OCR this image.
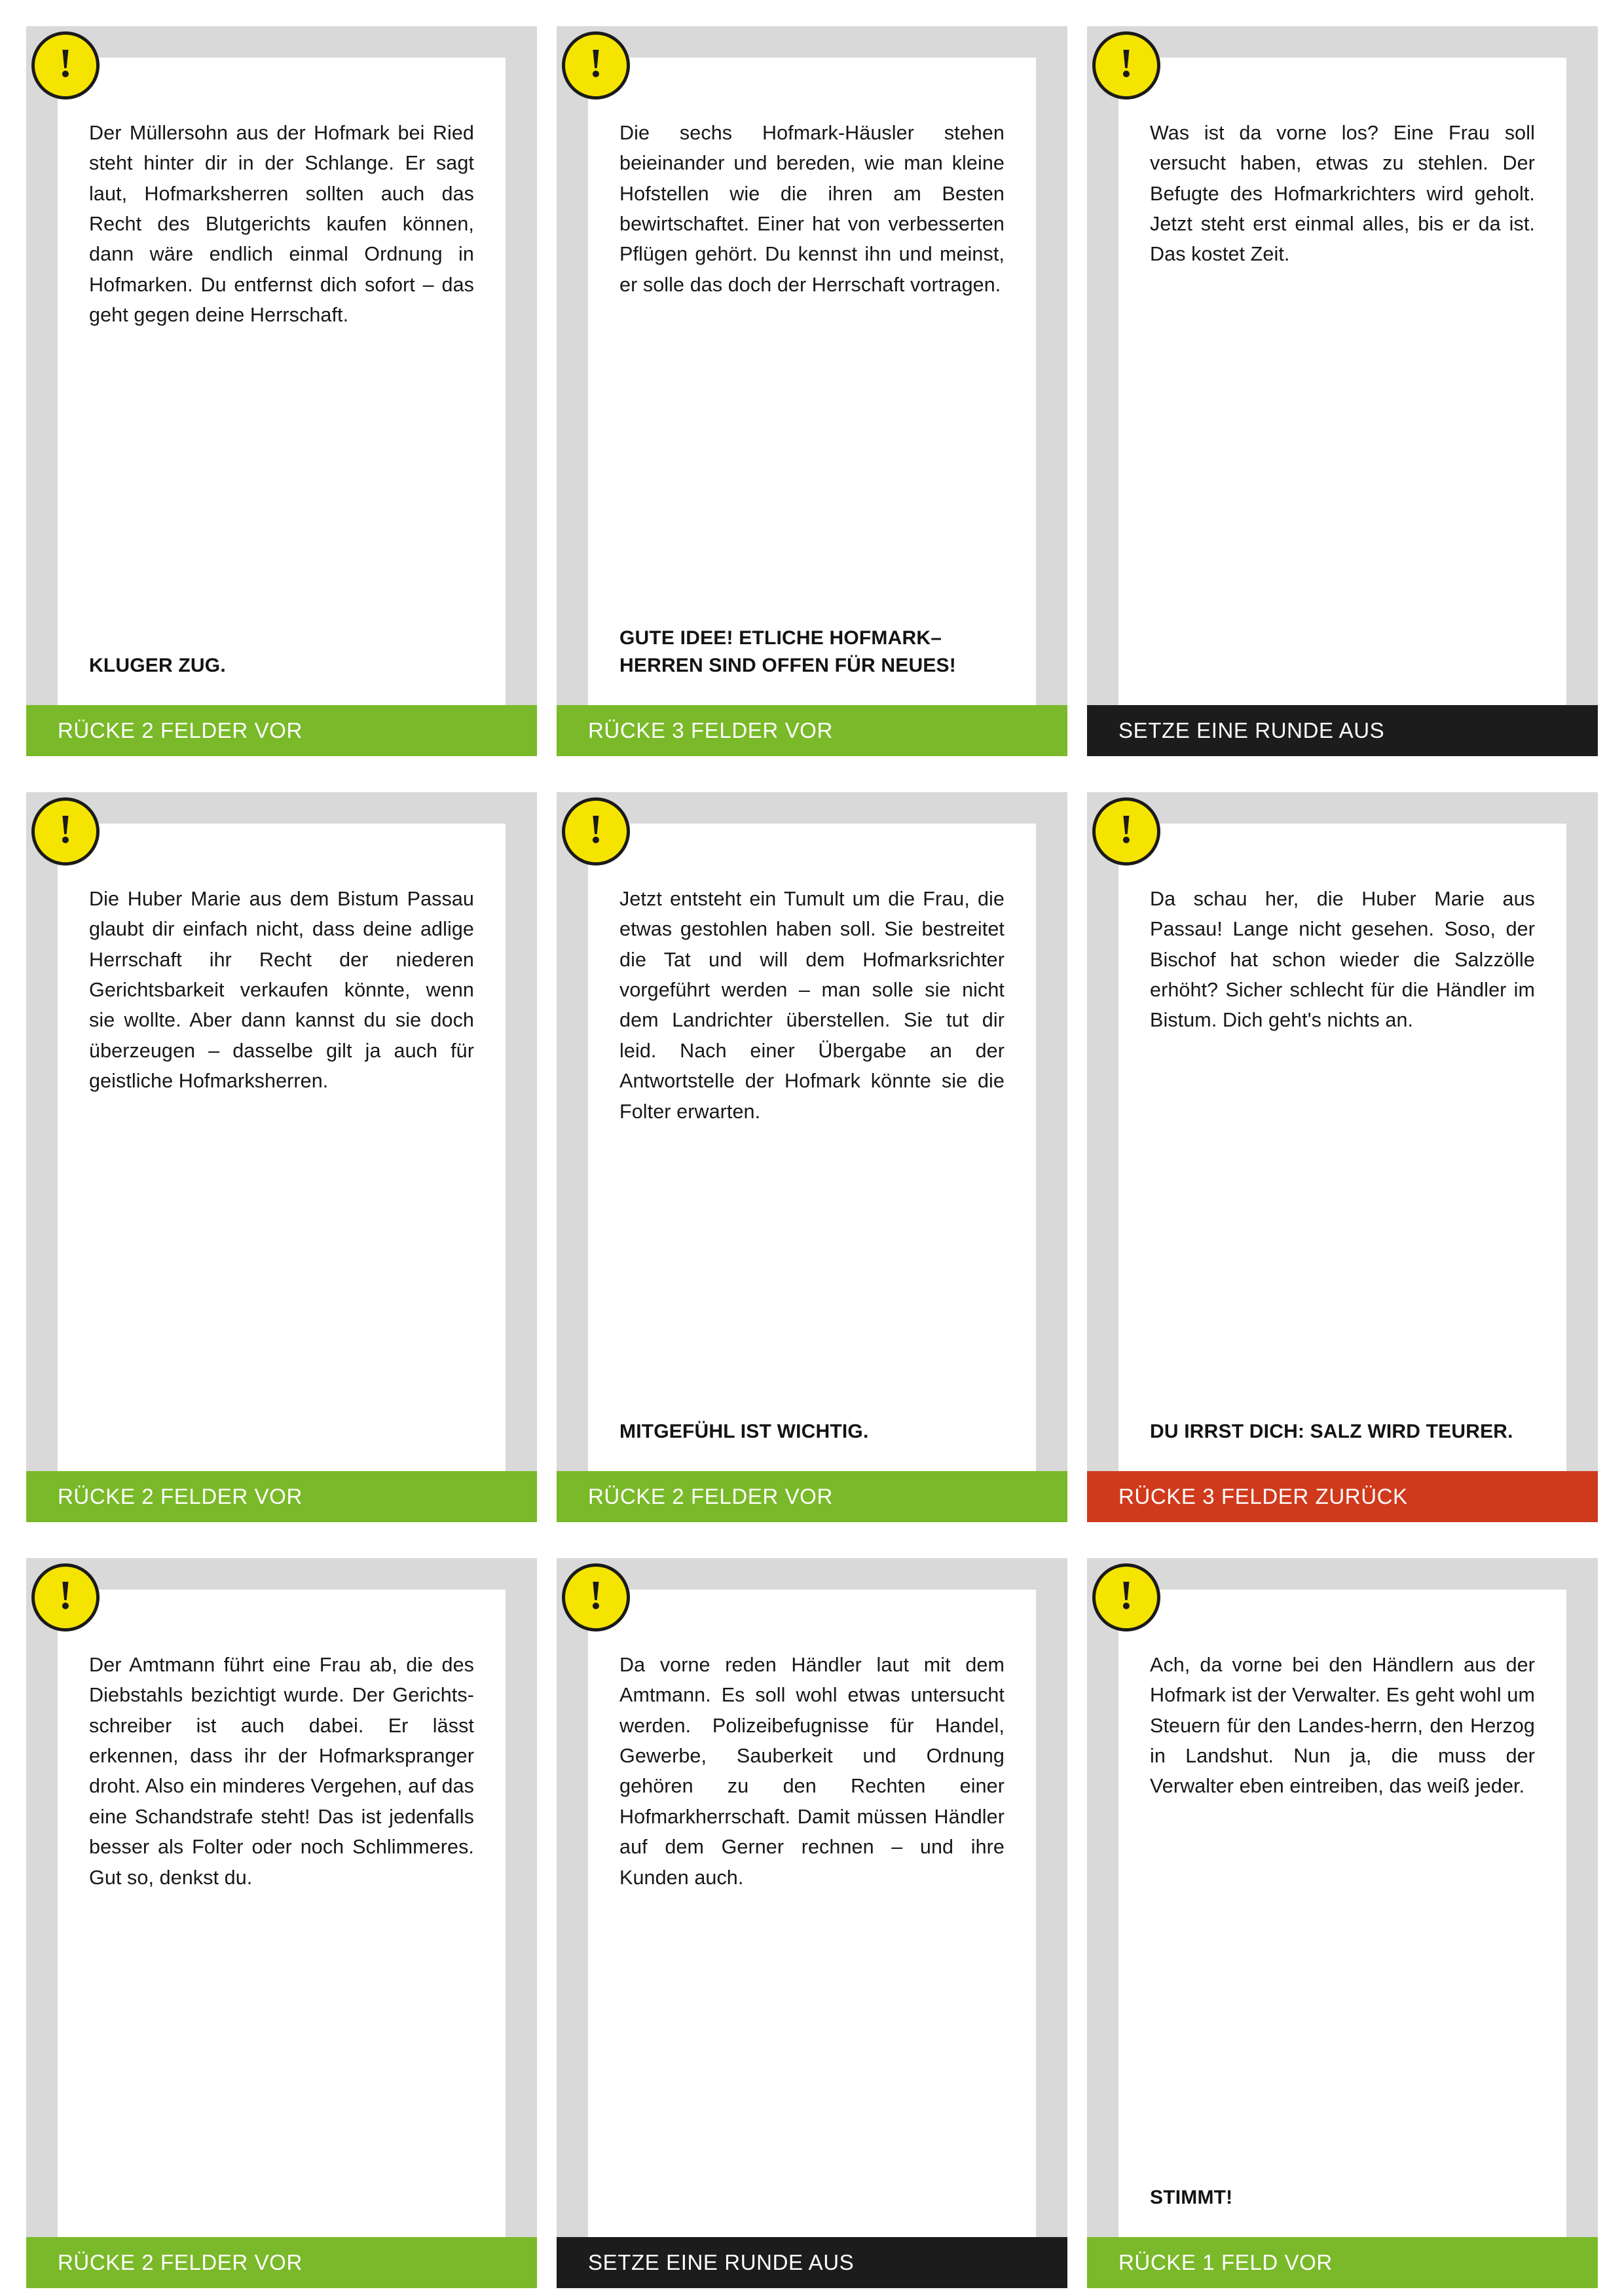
!

Der Müllersohn aus der Hofmark bei Ried steht hinter dir in der Schlange. Er sagt laut, Hofmarksherren sollten auch das Recht des Blutgerichts kaufen können, dann wäre endlich einmal Ordnung in Hofmarken. Du entfernst dich sofort – das geht gegen deine Herrschaft.

KLUGER ZUG.

RÜCKE 2 FELDER VOR
!

Die sechs Hofmark-Häusler stehen beieinander und bereden, wie man kleine Hofstellen wie die ihren am Besten bewirtschaftet. Einer hat von verbesserten Pflügen gehört. Du kennst ihn und meinst, er solle das doch der Herrschaft vortragen.

GUTE IDEE! ETLICHE HOFMARK–HERREN SIND OFFEN FÜR NEUES!

RÜCKE 3 FELDER VOR
!

Was ist da vorne los? Eine Frau soll versucht haben, etwas zu stehlen. Der Befugte des Hofmarkrichters wird geholt. Jetzt steht erst einmal alles, bis er da ist. Das kostet Zeit.

SETZE EINE RUNDE AUS
!

Die Huber Marie aus dem Bistum Passau glaubt dir einfach nicht, dass deine adlige Herrschaft ihr Recht der niederen Gerichtsbarkeit verkaufen könnte, wenn sie wollte. Aber dann kannst du sie doch überzeugen – dasselbe gilt ja auch für geistliche Hofmarksherren.

RÜCKE 2 FELDER VOR
!

Jetzt entsteht ein Tumult um die Frau, die etwas gestohlen haben soll. Sie bestreitet die Tat und will dem Hofmarksrichter vorgeführt werden – man solle sie nicht dem Landrichter überstellen. Sie tut dir leid. Nach einer Übergabe an der Antwortstelle der Hofmark könnte sie die Folter erwarten.

MITGEFÜHL IST WICHTIG.

RÜCKE 2 FELDER VOR
!

Da schau her, die Huber Marie aus Passau! Lange nicht gesehen. Soso, der Bischof hat schon wieder die Salzzölle erhöht? Sicher schlecht für die Händler im Bistum. Dich geht's nichts an.

DU IRRST DICH: SALZ WIRD TEURER.

RÜCKE 3 FELDER ZURÜCK
!

Der Amtmann führt eine Frau ab, die des Diebstahls bezichtigt wurde. Der Gerichts-schreiber ist auch dabei. Er lässt erkennen, dass ihr der Hofmarkspranger droht. Also ein minderes Vergehen, auf das eine Schandstrafe steht! Das ist jedenfalls besser als Folter oder noch Schlimmeres. Gut so, denkst du.

RÜCKE 2 FELDER VOR
!

Da vorne reden Händler laut mit dem Amtmann. Es soll wohl etwas untersucht werden. Polizeibefugnisse für Handel, Gewerbe, Sauberkeit und Ordnung gehören zu den Rechten einer Hofmarkherrschaft. Damit müssen Händler auf dem Gerner rechnen – und ihre Kunden auch.

SETZE EINE RUNDE AUS
!

Ach, da vorne bei den Händlern aus der Hofmark ist der Verwalter. Es geht wohl um Steuern für den Landes-herrn, den Herzog in Landshut. Nun ja, die muss der Verwalter eben eintreiben, das weiß jeder.

STIMMT!

RÜCKE 1 FELD VOR
